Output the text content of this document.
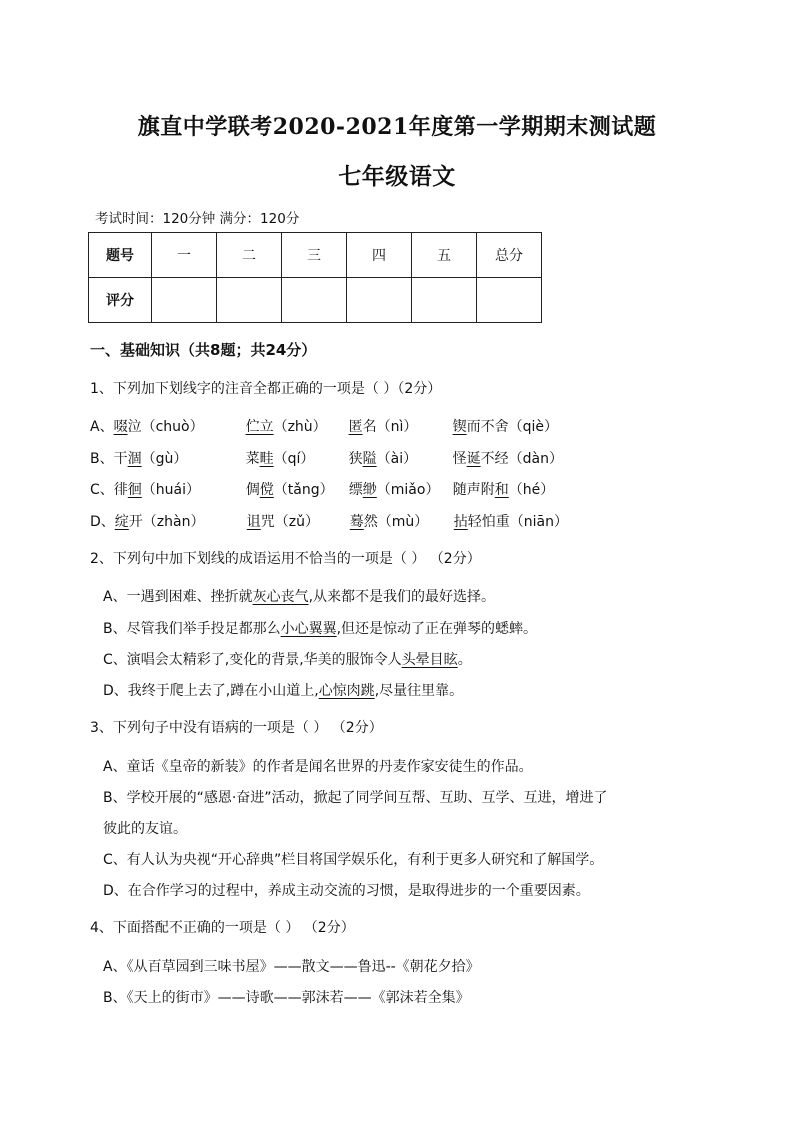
旗直中学联考2020-2021年度第一学期期末测试题
七年级语文
考试时间：120分钟 满分：120分
题号	一	二	三	四	五	总分
评分						
一、基础知识（共8题；共24分）
1、下列加下划线字的注音全都正确的一项是（ ）（2分）
A、啜泣（chuò）	伫立（zhù） 匿名（nì）	锲而不舍（qiè）
B、干涸（gù）	菜畦（qí） 狭隘（ài）	怪诞不经（dàn）
C、徘徊（huái）	倜傥（tǎng） 缥缈（miǎo） 随声附和（hé）
D、绽开（zhàn）	诅咒（zǔ） 蓦然（mù） 拈轻怕重（niān）
2、下列句中加下划线的成语运用不恰当的一项是（ ） （2分）
A、一遇到困难、挫折就灰心丧气,从来都不是我们的最好选择。
B、尽管我们举手投足都那么小心翼翼,但还是惊动了正在弹琴的蟋蟀。
C、演唱会太精彩了,变化的背景,华美的服饰令人头晕目眩。
D、我终于爬上去了,蹲在小山道上,心惊肉跳,尽量往里靠。
3、下列句子中没有语病的一项是（ ） （2分）
A、童话《皇帝的新装》的作者是闻名世界的丹麦作家安徒生的作品。
B、学校开展的“感恩·奋进”活动，掀起了同学间互帮、互助、互学、互进，增进了
彼此的友谊。
C、有人认为央视“开心辞典”栏目将国学娱乐化，有利于更多人研究和了解国学。
D、在合作学习的过程中，养成主动交流的习惯，是取得进步的一个重要因素。
4、下面搭配不正确的一项是（ ） （2分）
A、《从百草园到三味书屋》——散文——鲁迅--《朝花夕拾》
B、《天上的街市》——诗歌——郭沫若——《郭沫若全集》
